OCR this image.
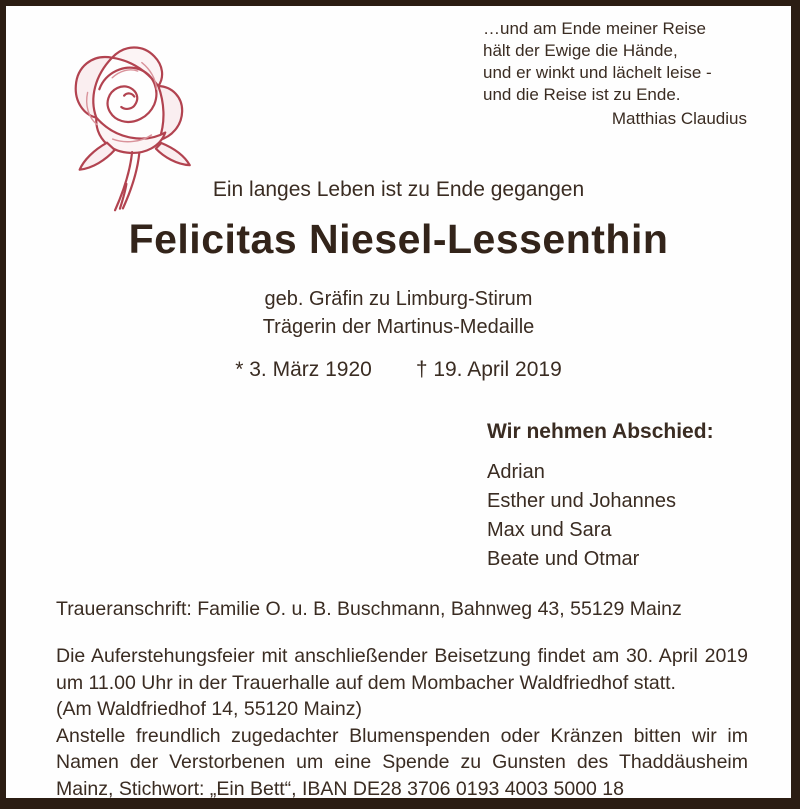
…und am Ende meiner Reise
hält der Ewige die Hände,
und er winkt und lächelt leise -
und die Reise ist zu Ende.
Matthias Claudius
Ein langes Leben ist zu Ende gegangen
Felicitas Niesel-Lessenthin
geb. Gräfin zu Limburg-Stirum
Trägerin der Martinus-Medaille
* 3. März 1920 † 19. April 2019
Wir nehmen Abschied:
Adrian
Esther und Johannes
Max und Sara
Beate und Otmar
Traueranschrift: Familie O. u. B. Buschmann, Bahnweg 43, 55129 Mainz
Die Auferstehungsfeier mit anschließender Beisetzung findet am 30. April 2019 um 11.00 Uhr in der Trauerhalle auf dem Mombacher Waldfriedhof statt.
(Am Waldfriedhof 14, 55120 Mainz)
Anstelle freundlich zugedachter Blumenspenden oder Kränzen bitten wir im Namen der Verstorbenen um eine Spende zu Gunsten des Thaddäusheim Mainz, Stichwort: „Ein Bett“, IBAN DE28 3706 0193 4003 5000 18
